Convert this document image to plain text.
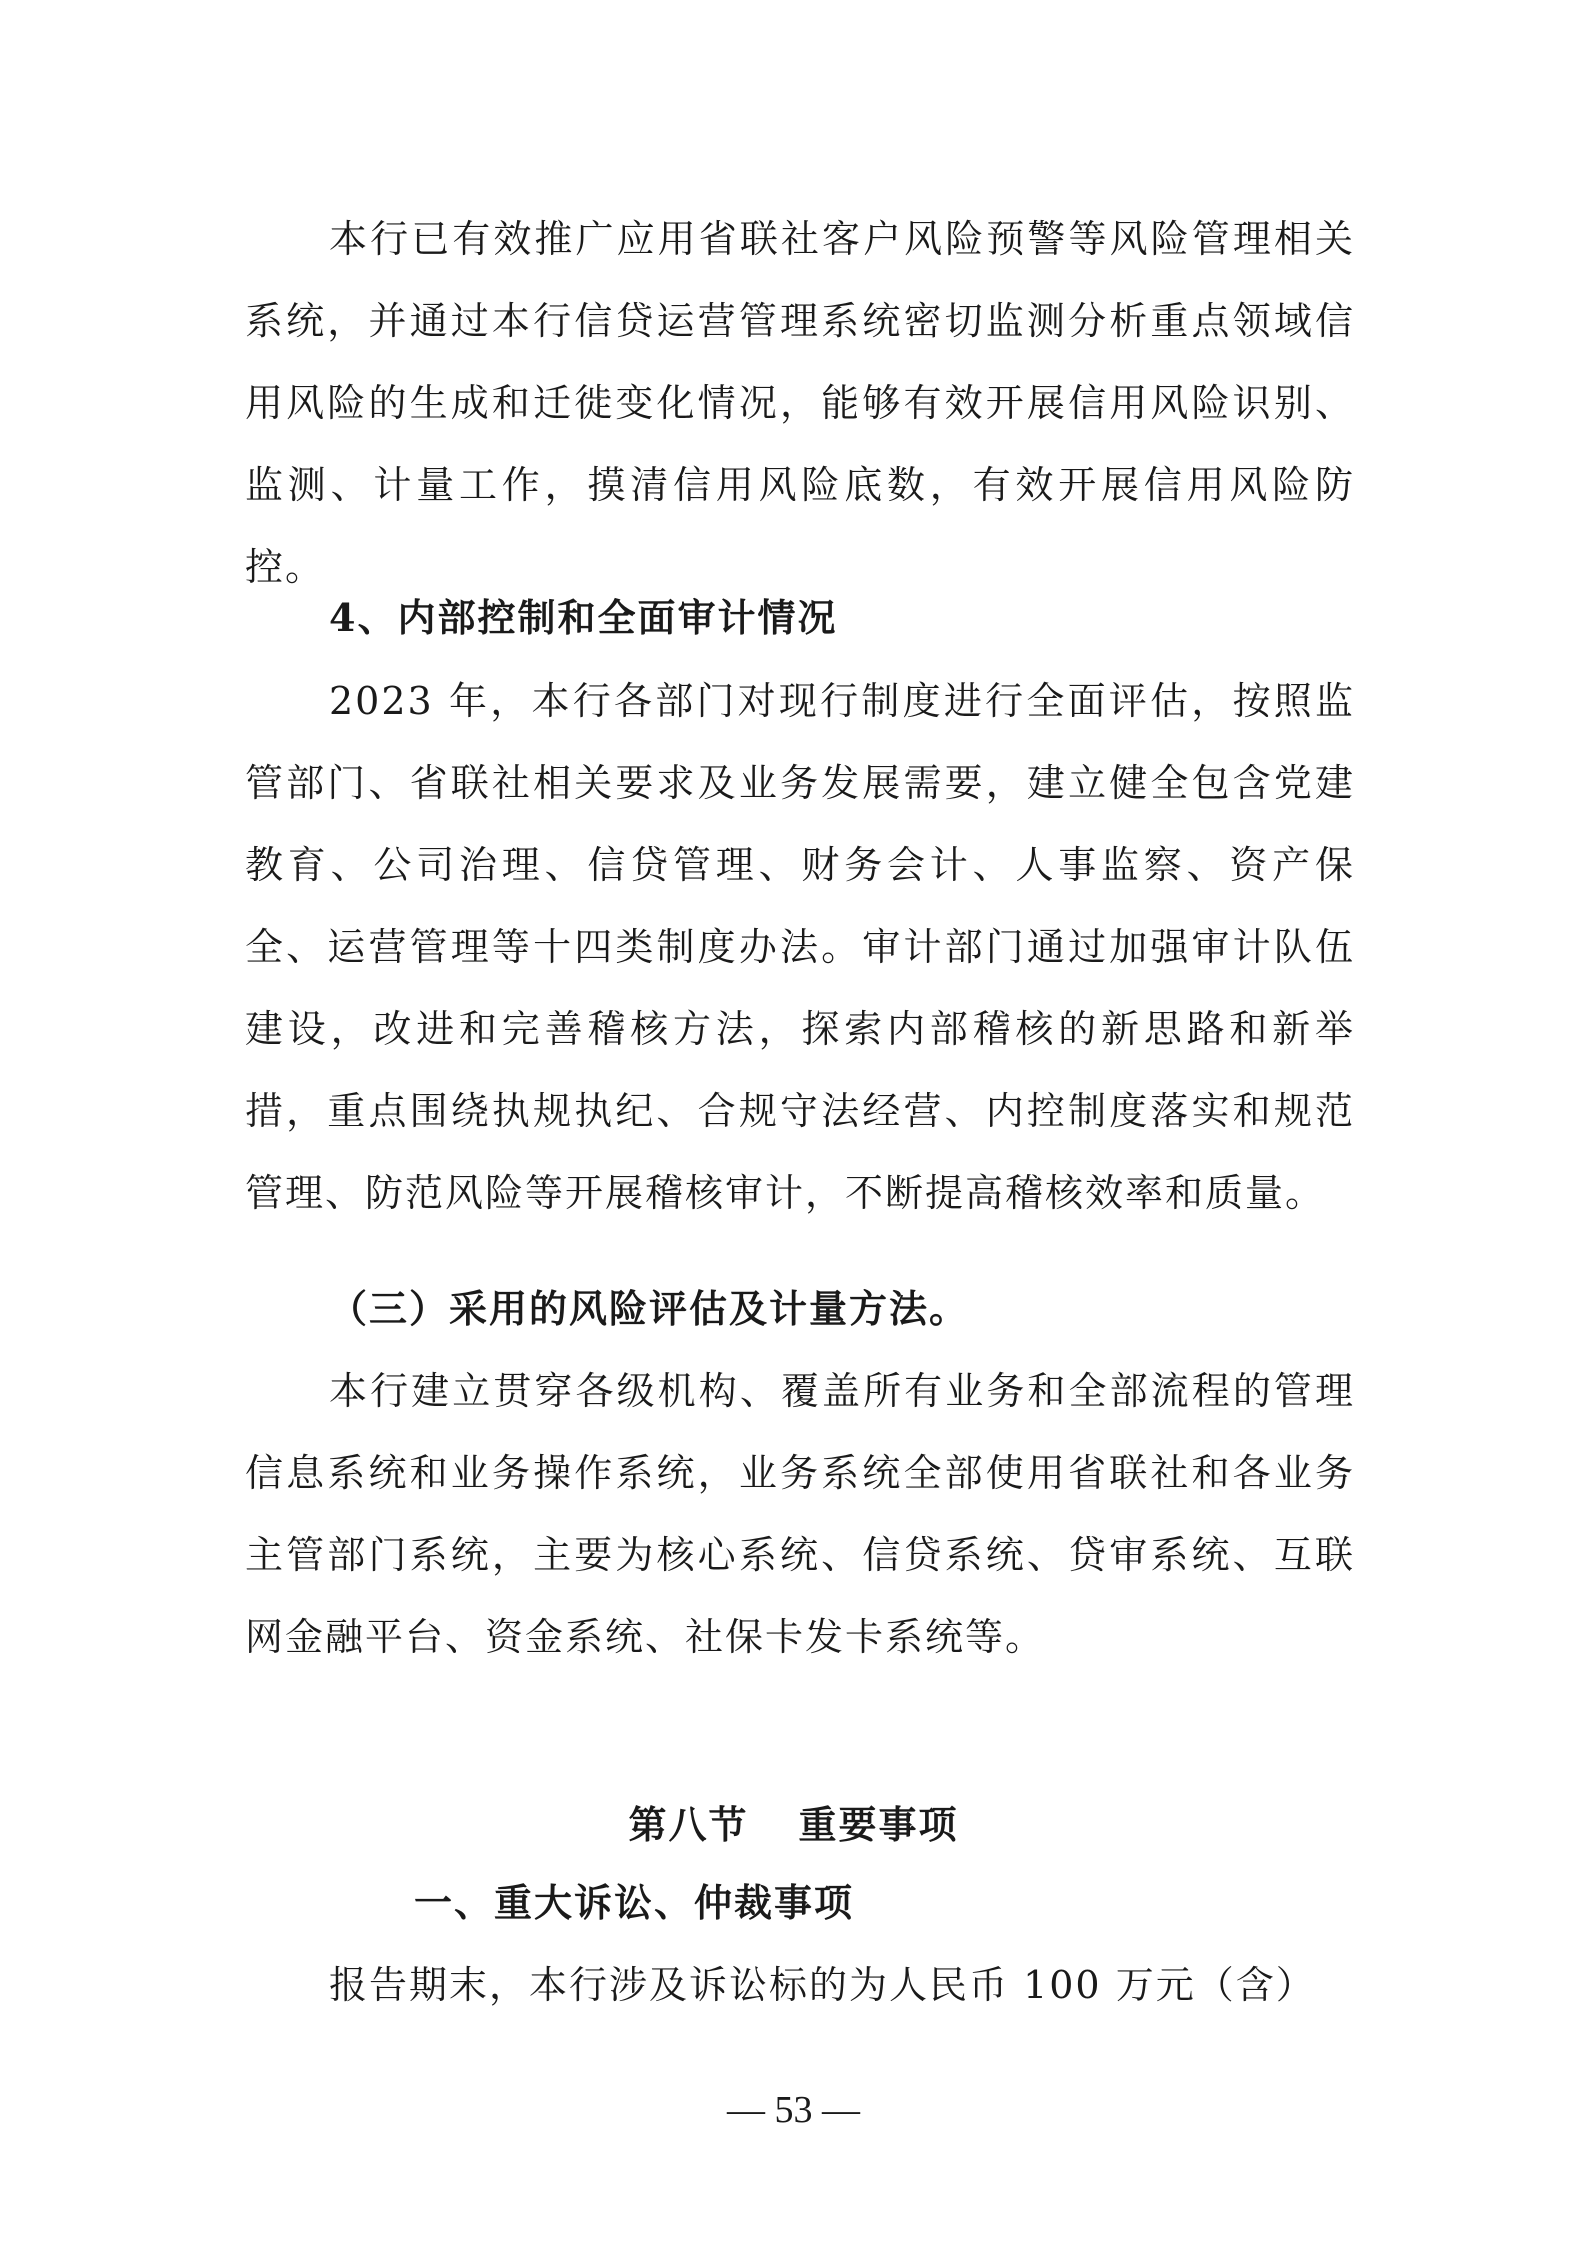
本行已有效推广应用省联社客户风险预警等风险管理相关系统，并通过本行信贷运营管理系统密切监测分析重点领域信用风险的生成和迁徙变化情况，能够有效开展信用风险识别、监测、计量工作，摸清信用风险底数，有效开展信用风险防控。

4、内部控制和全面审计情况

2023 年，本行各部门对现行制度进行全面评估，按照监管部门、省联社相关要求及业务发展需要，建立健全包含党建教育、公司治理、信贷管理、财务会计、人事监察、资产保全、运营管理等十四类制度办法。审计部门通过加强审计队伍建设，改进和完善稽核方法，探索内部稽核的新思路和新举措，重点围绕执规执纪、合规守法经营、内控制度落实和规范管理、防范风险等开展稽核审计，不断提高稽核效率和质量。

（三）采用的风险评估及计量方法。

本行建立贯穿各级机构、覆盖所有业务和全部流程的管理信息系统和业务操作系统，业务系统全部使用省联社和各业务主管部门系统，主要为核心系统、信贷系统、贷审系统、互联网金融平台、资金系统、社保卡发卡系统等。

第八节 重要事项

一、重大诉讼、仲裁事项

报告期末，本行涉及诉讼标的为人民币 100 万元（含）

— 53 —
